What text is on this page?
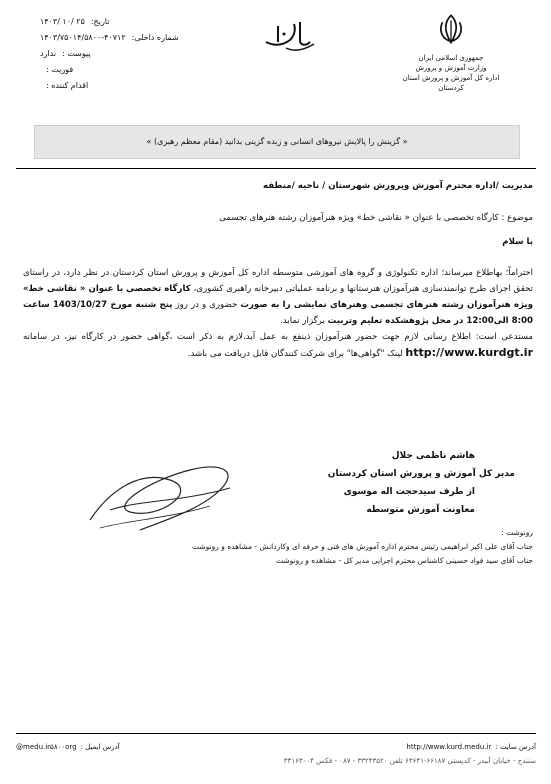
جمهوری اسلامی ایران
وزارت آموزش و پرورش
اداره کل آموزش و پرورش استان کردستان
تاریخ:
۱۴۰۳/ ۱۰/ ۲۵
شماره داخلی:
۱۴۰۳/۷۵۰۱۴/۵۸۰۰-۴۰۷۱۲
پیوست :
ندارد
فوریت :
اقدام کننده :
« گزینش را پالایش نیروهای انسانی و زبده گزینی بدانید (مقام معظم رهبری) »
مدیریت /اداره محترم آموزش وپرورش شهرستان / ناحیه /منطقه
موضوع : کارگاه تخصصی با عنوان « نقاشی خط» ویژه هنرآموزان رشته هنرهای تجسمی
با سلام
احتراماً؛ بهاطلاع میرساند؛ اداره تکنولوژی و گروه های آموزشی متوسطه اداره کل آموزش و پرورش استان کردستان در نظر دارد، در راستای تحقق اجرای طرح توانمندسازی هنرآموزان هنرستانها و برنامه عملیاتی دبیرخانه راهبری کشوری، کارگاه تخصصی با عنوان « نقاشی خط» ویژه هنرآموزان رشته هنرهای تجسمی وهنرهای نمایشی را به صورت حضوری و در روز پنج شنبه مورخ 1403/10/27 ساعت 8:00 الی12:00 در محل پژوهشکده تعلیم وتربیت برگزار نماید.
مستدعی است: اطلاع رسانی لازم جهت حضور هنرآموزان ذینفع به عمل آید.لازم به ذکر است ،گواهی حضور در کارگاه نیز، در سامانه http://www.kurdgt.ir لینک "گواهی‌ها" برای شرکت کنندگان قابل دریافت می باشد.
هاشم ناظمی جلال
مدیر کل آموزش و پرورش استان کردستان
از طرف سیدحجت اله موسوی
معاونت آموزش متوسطه
رونوشت :
جناب آقای علی اکبر ابراهیمی رئیس محترم اداره آموزش های فنی و حرفه ای وکاردانش - مشاهده و رونوشت
جناب آقای سید فواد حسینی کاشناس محترم اجرایی مدیر کل - مشاهده و رونوشت
@medu.ir۵۸۰۰org آدرس ایمیل :	http://www.kurd.medu.ir آدرس سایت :
سنندج - خیابان آبیدر - کدپستی ۶۶۱۸۷-۶۳۶۴۱ تلفن ۳۳۲۴۳۵۲۰ - ۰۸۷ - فکس ۳۳۱۶۳۰۰۴
